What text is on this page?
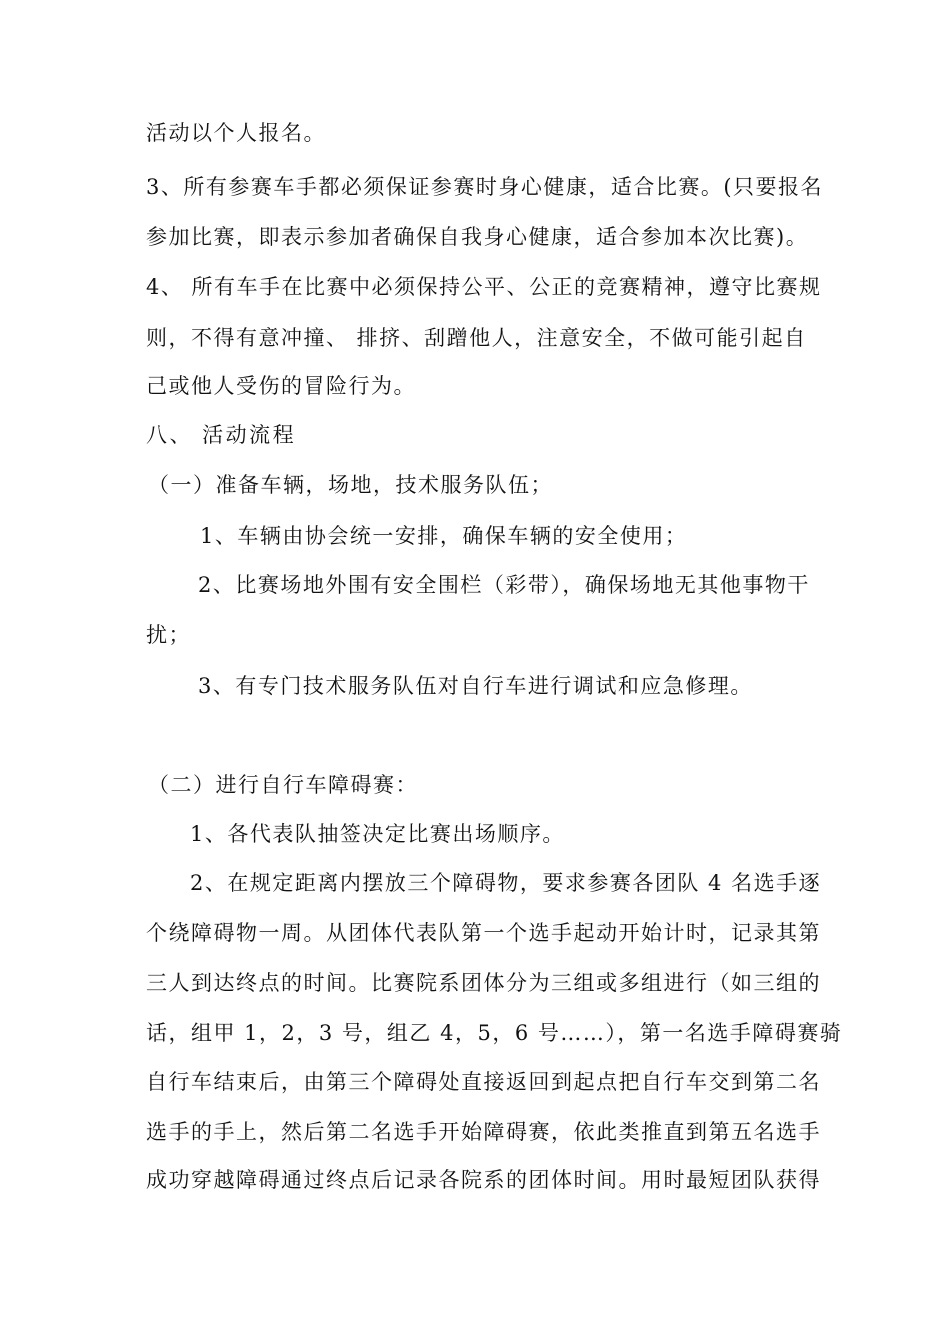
活动以个人报名。
3、所有参赛车手都必须保证参赛时身心健康，适合比赛。(只要报名
参加比赛，即表示参加者确保自我身心健康，适合参加本次比赛)。
4、 所有车手在比赛中必须保持公平、公正的竞赛精神，遵守比赛规
则，不得有意冲撞、 排挤、刮蹭他人，注意安全，不做可能引起自
己或他人受伤的冒险行为。
八、 活动流程
（一）准备车辆，场地，技术服务队伍；
1、车辆由协会统一安排，确保车辆的安全使用；
2、比赛场地外围有安全围栏（彩带），确保场地无其他事物干
扰；
3、有专门技术服务队伍对自行车进行调试和应急修理。
（二）进行自行车障碍赛：
1、各代表队抽签决定比赛出场顺序。
2、在规定距离内摆放三个障碍物，要求参赛各团队 4 名选手逐
个绕障碍物一周。从团体代表队第一个选手起动开始计时，记录其第
三人到达终点的时间。比赛院系团体分为三组或多组进行（如三组的
话，组甲 1，2，3 号，组乙 4，5，6 号……），第一名选手障碍赛骑
自行车结束后，由第三个障碍处直接返回到起点把自行车交到第二名
选手的手上，然后第二名选手开始障碍赛，依此类推直到第五名选手
成功穿越障碍通过终点后记录各院系的团体时间。用时最短团队获得
